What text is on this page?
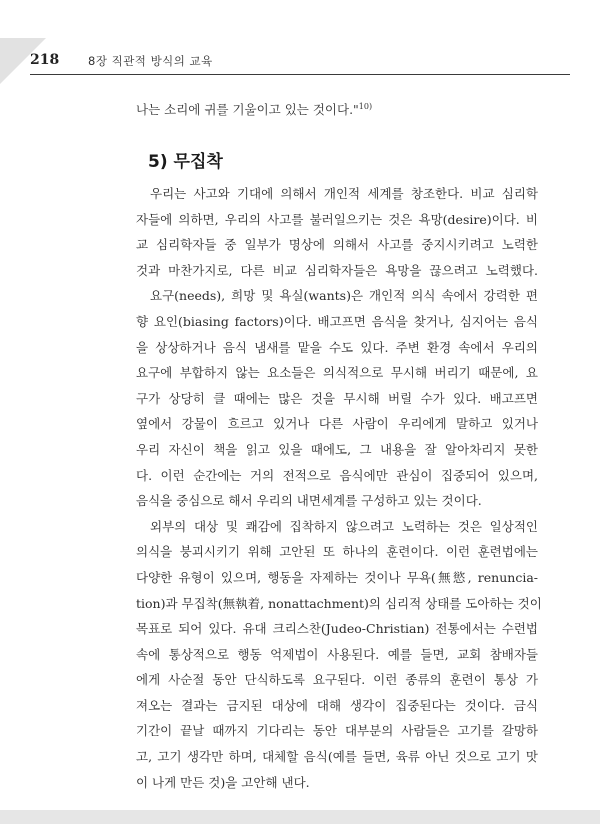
218	8장 직관적 방식의 교육
나는 소리에 귀를 기울이고 있는 것이다."$^{10)}$
5) 무집착
우리는 사고와 기대에 의해서 개인적 세계를 창조한다. 비교 심리학
자들에 의하면, 우리의 사고를 불러일으키는 것은 욕망(desire)이다. 비
교 심리학자들 중 일부가 명상에 의해서 사고를 중지시키려고 노력한
것과 마찬가지로, 다른 비교 심리학자들은 욕망을 끊으려고 노력했다.
요구(needs), 희망 및 욕실(wants)은 개인적 의식 속에서 강력한 편
향 요인(biasing factors)이다. 배고프면 음식을 찾거나, 심지어는 음식
을 상상하거나 음식 냄새를 맡을 수도 있다. 주변 환경 속에서 우리의
요구에 부합하지 않는 요소들은 의식적으로 무시해 버리기 때문에, 요
구가 상당히 클 때에는 많은 것을 무시해 버릴 수가 있다. 배고프면
옆에서 강물이 흐르고 있거나 다른 사람이 우리에게 말하고 있거나
우리 자신이 책을 읽고 있을 때에도, 그 내용을 잘 알아차리지 못한
다. 이런 순간에는 거의 전적으로 음식에만 관심이 집중되어 있으며,
음식을 중심으로 해서 우리의 내면세계를 구성하고 있는 것이다.
외부의 대상 및 쾌감에 집착하지 않으려고 노력하는 것은 일상적인
의식을 붕괴시키기 위해 고안된 또 하나의 훈련이다. 이런 훈련법에는
다양한 유형이 있으며, 행동을 자제하는 것이나 무욕(無慾, renuncia-
tion)과 무집착(無執着, nonattachment)의 심리적 상태를 도아하는 것이
목표로 되어 있다. 유대 크리스찬(Judeo-Christian) 전통에서는 수련법
속에 통상적으로 행동 억제법이 사용된다. 예를 들면, 교회 참배자들
에게 사순절 동안 단식하도록 요구된다. 이런 종류의 훈련이 통상 가
져오는 결과는 금지된 대상에 대해 생각이 집중된다는 것이다. 금식
기간이 끝날 때까지 기다리는 동안 대부분의 사람들은 고기를 갈망하
고, 고기 생각만 하며, 대체할 음식(예를 들면, 육류 아닌 것으로 고기 맛
이 나게 만든 것)을 고안해 낸다.
